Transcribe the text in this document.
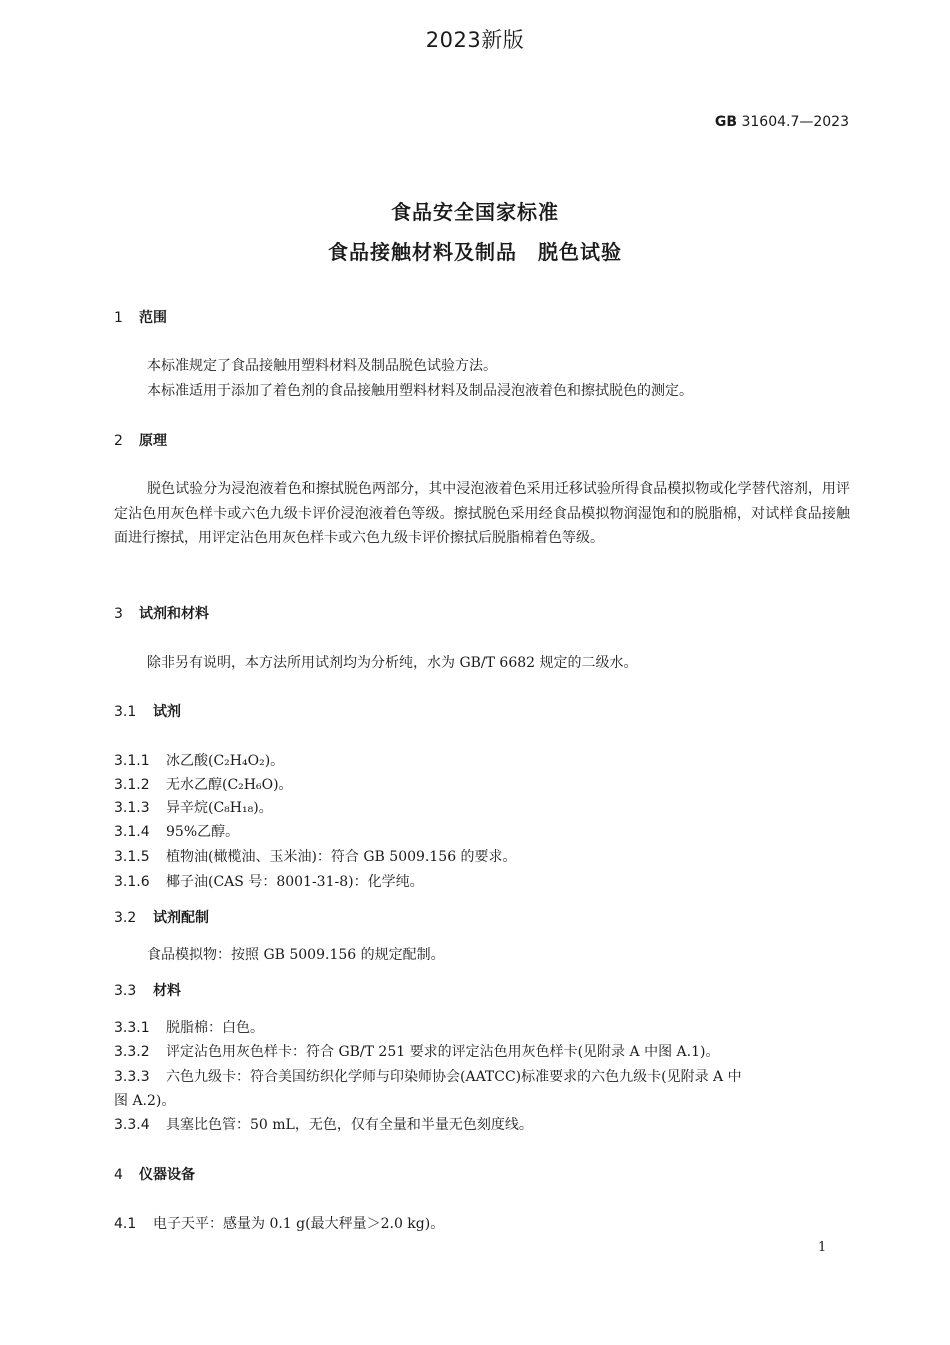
2023新版
GB 31604.7—2023
食品安全国家标准
食品接触材料及制品　脱色试验
1 范围
本标准规定了食品接触用塑料材料及制品脱色试验方法。
本标准适用于添加了着色剂的食品接触用塑料材料及制品浸泡液着色和擦拭脱色的测定。
2 原理
脱色试验分为浸泡液着色和擦拭脱色两部分，其中浸泡液着色采用迁移试验所得食品模拟物或化学替代溶剂，用评定沾色用灰色样卡或六色九级卡评价浸泡液着色等级。擦拭脱色采用经食品模拟物润湿饱和的脱脂棉，对试样食品接触面进行擦拭，用评定沾色用灰色样卡或六色九级卡评价擦拭后脱脂棉着色等级。
3 试剂和材料
除非另有说明，本方法所用试剂均为分析纯，水为 GB/T 6682 规定的二级水。
3.1 试剂
3.1.1 冰乙酸(C₂H₄O₂)。
3.1.2 无水乙醇(C₂H₆O)。
3.1.3 异辛烷(C₈H₁₈)。
3.1.4 95%乙醇。
3.1.5 植物油(橄榄油、玉米油)：符合 GB 5009.156 的要求。
3.1.6 椰子油(CAS 号：8001-31-8)：化学纯。
3.2 试剂配制
食品模拟物：按照 GB 5009.156 的规定配制。
3.3 材料
3.3.1 脱脂棉：白色。
3.3.2 评定沾色用灰色样卡：符合 GB/T 251 要求的评定沾色用灰色样卡(见附录 A 中图 A.1)。
3.3.3 六色九级卡：符合美国纺织化学师与印染师协会(AATCC)标准要求的六色九级卡(见附录 A 中
图 A.2)。
3.3.4 具塞比色管：50 mL，无色，仅有全量和半量无色刻度线。
4 仪器设备
4.1 电子天平：感量为 0.1 g(最大秤量＞2.0 kg)。
1
